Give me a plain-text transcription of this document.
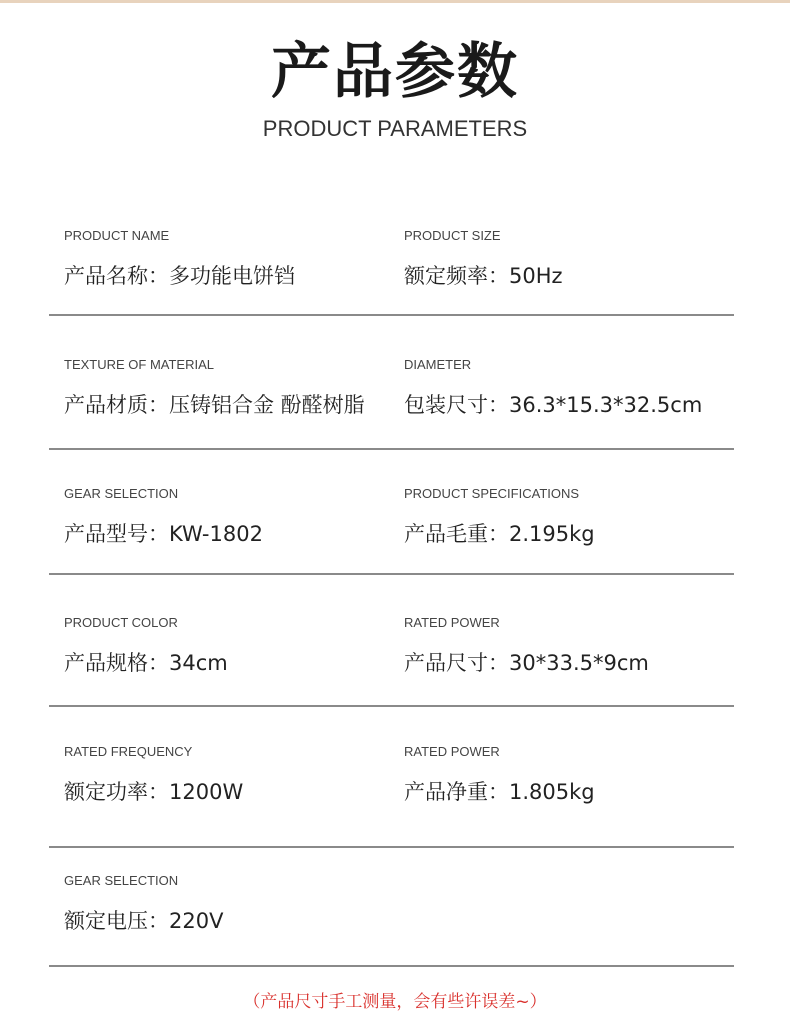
产品参数
PRODUCT PARAMETERS
PRODUCT NAME
产品名称：多功能电饼铛
PRODUCT SIZE
额定频率：50Hz
TEXTURE OF MATERIAL
产品材质：压铸铝合金 酚醛树脂
DIAMETER
包装尺寸：36.3*15.3*32.5cm
GEAR SELECTION
产品型号：KW-1802
PRODUCT SPECIFICATIONS
产品毛重：2.195kg
PRODUCT COLOR
产品规格：34cm
RATED POWER
产品尺寸：30*33.5*9cm
RATED FREQUENCY
额定功率：1200W
RATED POWER
产品净重：1.805kg
GEAR SELECTION
额定电压：220V
（产品尺寸手工测量，会有些许误差~）
